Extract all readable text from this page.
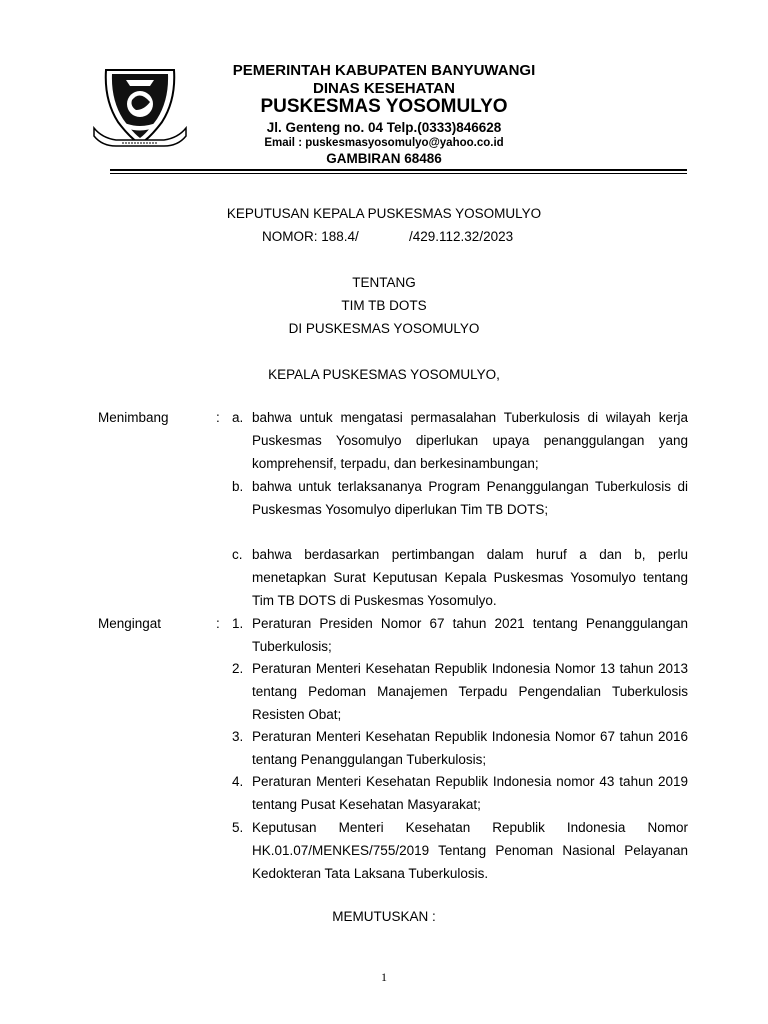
PEMERINTAH KABUPATEN BANYUWANGI
DINAS KESEHATAN
PUSKESMAS YOSOMULYO
Jl. Genteng no. 04 Telp.(0333)846628
Email : puskesmasyosomulyo@yahoo.co.id
GAMBIRAN 68486
KEPUTUSAN KEPALA PUSKESMAS YOSOMULYO
NOMOR: 188.4/	/429.112.32/2023
TENTANG
TIM TB DOTS
DI PUSKESMAS YOSOMULYO
KEPALA PUSKESMAS YOSOMULYO,
Menimbang	: a. bahwa untuk mengatasi permasalahan Tuberkulosis di wilayah kerja Puskesmas Yosomulyo diperlukan upaya penanggulangan yang komprehensif, terpadu, dan berkesinambungan;
b. bahwa untuk terlaksananya Program Penanggulangan Tuberkulosis di Puskesmas Yosomulyo diperlukan Tim TB DOTS;
c. bahwa berdasarkan pertimbangan dalam huruf a dan b, perlu menetapkan Surat Keputusan Kepala Puskesmas Yosomulyo tentang Tim TB DOTS di Puskesmas Yosomulyo.
Mengingat	: 1. Peraturan Presiden Nomor 67 tahun 2021 tentang Penanggulangan Tuberkulosis;
2. Peraturan Menteri Kesehatan Republik Indonesia Nomor 13 tahun 2013 tentang Pedoman Manajemen Terpadu Pengendalian Tuberkulosis Resisten Obat;
3. Peraturan Menteri Kesehatan Republik Indonesia Nomor 67 tahun 2016 tentang Penanggulangan Tuberkulosis;
4. Peraturan Menteri Kesehatan Republik Indonesia nomor 43 tahun 2019 tentang Pusat Kesehatan Masyarakat;
5. Keputusan Menteri Kesehatan Republik Indonesia Nomor HK.01.07/MENKES/755/2019 Tentang Penoman Nasional Pelayanan Kedokteran Tata Laksana Tuberkulosis.
MEMUTUSKAN :
1
